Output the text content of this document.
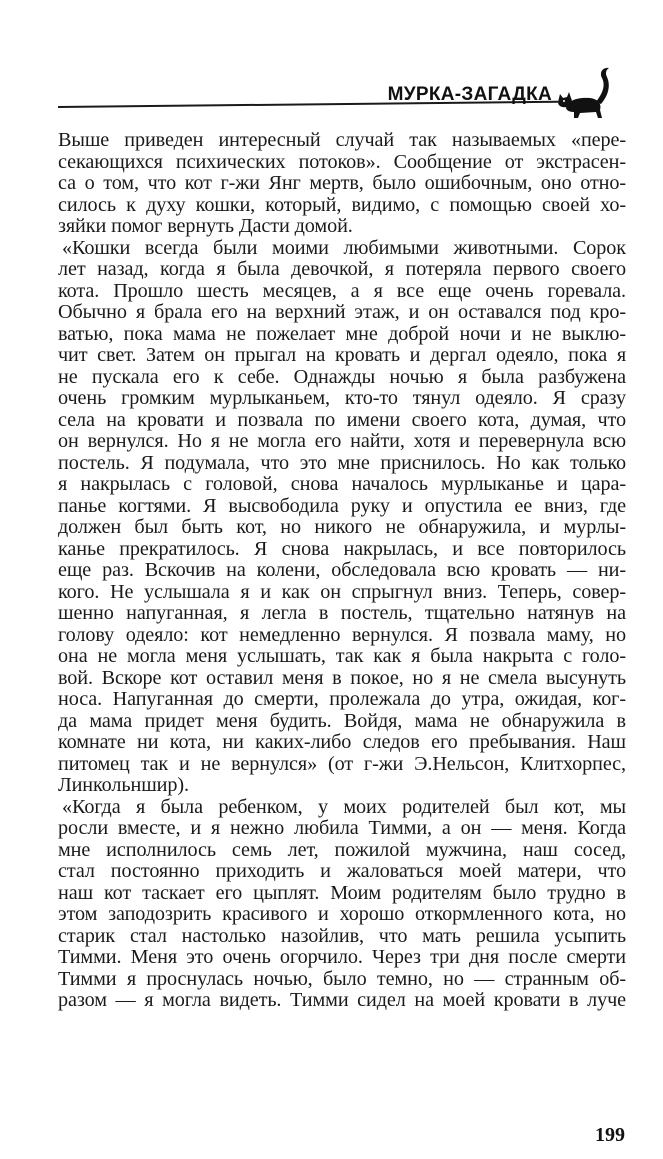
МУРКА-ЗАГАДКА
Выше приведен интересный случай так называемых «пере-
секающихся психических потоков». Сообщение от экстрасен-
са о том, что кот г-жи Янг мертв, было ошибочным, оно отно-
силось к духу кошки, который, видимо, с помощью своей хо-
зяйки помог вернуть Дасти домой.
«Кошки всегда были моими любимыми животными. Сорок
лет назад, когда я была девочкой, я потеряла первого своего
кота. Прошло шесть месяцев, а я все еще очень горевала.
Обычно я брала его на верхний этаж, и он оставался под кро-
ватью, пока мама не пожелает мне доброй ночи и не выклю-
чит свет. Затем он прыгал на кровать и дергал одеяло, пока я
не пускала его к себе. Однажды ночью я была разбужена
очень громким мурлыканьем, кто-то тянул одеяло. Я сразу
села на кровати и позвала по имени своего кота, думая, что
он вернулся. Но я не могла его найти, хотя и перевернула всю
постель. Я подумала, что это мне приснилось. Но как только
я накрылась с головой, снова началось мурлыканье и цара-
панье когтями. Я высвободила руку и опустила ее вниз, где
должен был быть кот, но никого не обнаружила, и мурлы-
канье прекратилось. Я снова накрылась, и все повторилось
еще раз. Вскочив на колени, обследовала всю кровать — ни-
кого. Не услышала я и как он спрыгнул вниз. Теперь, совер-
шенно напуганная, я легла в постель, тщательно натянув на
голову одеяло: кот немедленно вернулся. Я позвала маму, но
она не могла меня услышать, так как я была накрыта с голо-
вой. Вскоре кот оставил меня в покое, но я не смела высунуть
носа. Напуганная до смерти, пролежала до утра, ожидая, ког-
да мама придет меня будить. Войдя, мама не обнаружила в
комнате ни кота, ни каких-либо следов его пребывания. Наш
питомец так и не вернулся» (от г-жи Э.Нельсон, Клитхорпес,
Линкольншир).
«Когда я была ребенком, у моих родителей был кот, мы
росли вместе, и я нежно любила Тимми, а он — меня. Когда
мне исполнилось семь лет, пожилой мужчина, наш сосед,
стал постоянно приходить и жаловаться моей матери, что
наш кот таскает его цыплят. Моим родителям было трудно в
этом заподозрить красивого и хорошо откормленного кота, но
старик стал настолько назойлив, что мать решила усыпить
Тимми. Меня это очень огорчило. Через три дня после смерти
Тимми я проснулась ночью, было темно, но — странным об-
разом — я могла видеть. Тимми сидел на моей кровати в луче
199
